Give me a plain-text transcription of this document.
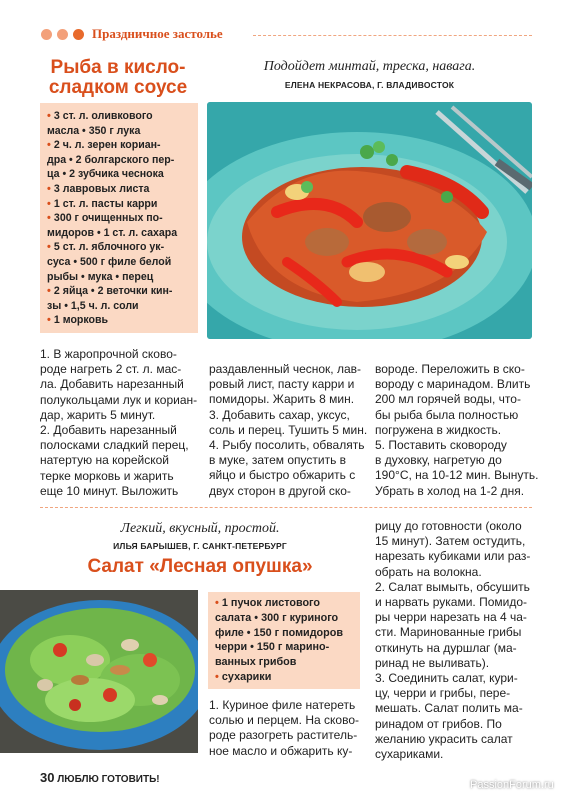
Праздничное застолье
Рыба в кисло-
сладком соусе
Подойдет минтай, треска, навага.
ЕЛЕНА НЕКРАСОВА, Г. ВЛАДИВОСТОК
• 3 ст. л. оливкового
масла • 350 г лука
• 2 ч. л. зерен кориан-
дра • 2 болгарского пер-
ца • 2 зубчика чеснока
• 3 лавровых листа
• 1 ст. л. пасты карри
• 300 г очищенных по-
мидоров • 1 ст. л. сахара
• 5 ст. л. яблочного ук-
суса • 500 г филе белой
рыбы • мука • перец
• 2 яйца • 2 веточки кин-
зы • 1,5 ч. л. соли
• 1 морковь

1. В жаропрочной сково-

роде нагреть 2 ст. л. мас-

ла. Добавить нарезанный

полукольцами лук и кориан-

дар, жарить 5 минут.

2. Добавить нарезанный

полосками сладкий перец,

натертую на корейской

терке морковь и жарить

еще 10 минут. Выложить

раздавленный чеснок, лав-

ровый лист, пасту карри и

помидоры. Жарить 8 мин.

3. Добавить сахар, уксус,

соль и перец. Тушить 5 мин.

4. Рыбу посолить, обвалять

в муке, затем опустить в

яйцо и быстро обжарить с

двух сторон в другой ско-

вороде. Переложить в ско-

вороду с маринадом. Влить

200 мл горячей воды, что-

бы рыба была полностью

погружена в жидкость.

5. Поставить сковороду

в духовку, нагретую до

190°С, на 10-12 мин. Вынуть.

Убрать в холод на 1-2 дня.

Легкий, вкусный, простой.
ИЛЬЯ БАРЫШЕВ, Г. САНКТ-ПЕТЕРБУРГ
Салат «Лесная опушка»
• 1 пучок листового
салата • 300 г куриного
филе • 150 г помидоров
черри • 150 г марино-
ванных грибов
• сухарики

1. Куриное филе натереть

солью и перцем. На сково-

роде разогреть раститель-

ное масло и обжарить ку-

рицу до готовности (около

15 минут). Затем остудить,

нарезать кубиками или раз-

обрать на волокна.

2. Салат вымыть, обсушить

и нарвать руками. Помидо-

ры черри нарезать на 4 ча-

сти. Маринованные грибы

откинуть на дуршлаг (ма-

ринад не выливать).

3. Соединить салат, кури-

цу, черри и грибы, пере-

мешать. Салат полить ма-

ринадом от грибов. По

желанию украсить салат

сухариками.

30 ЛЮБЛЮ ГОТОВИТЬ!	PassionForum.ru
